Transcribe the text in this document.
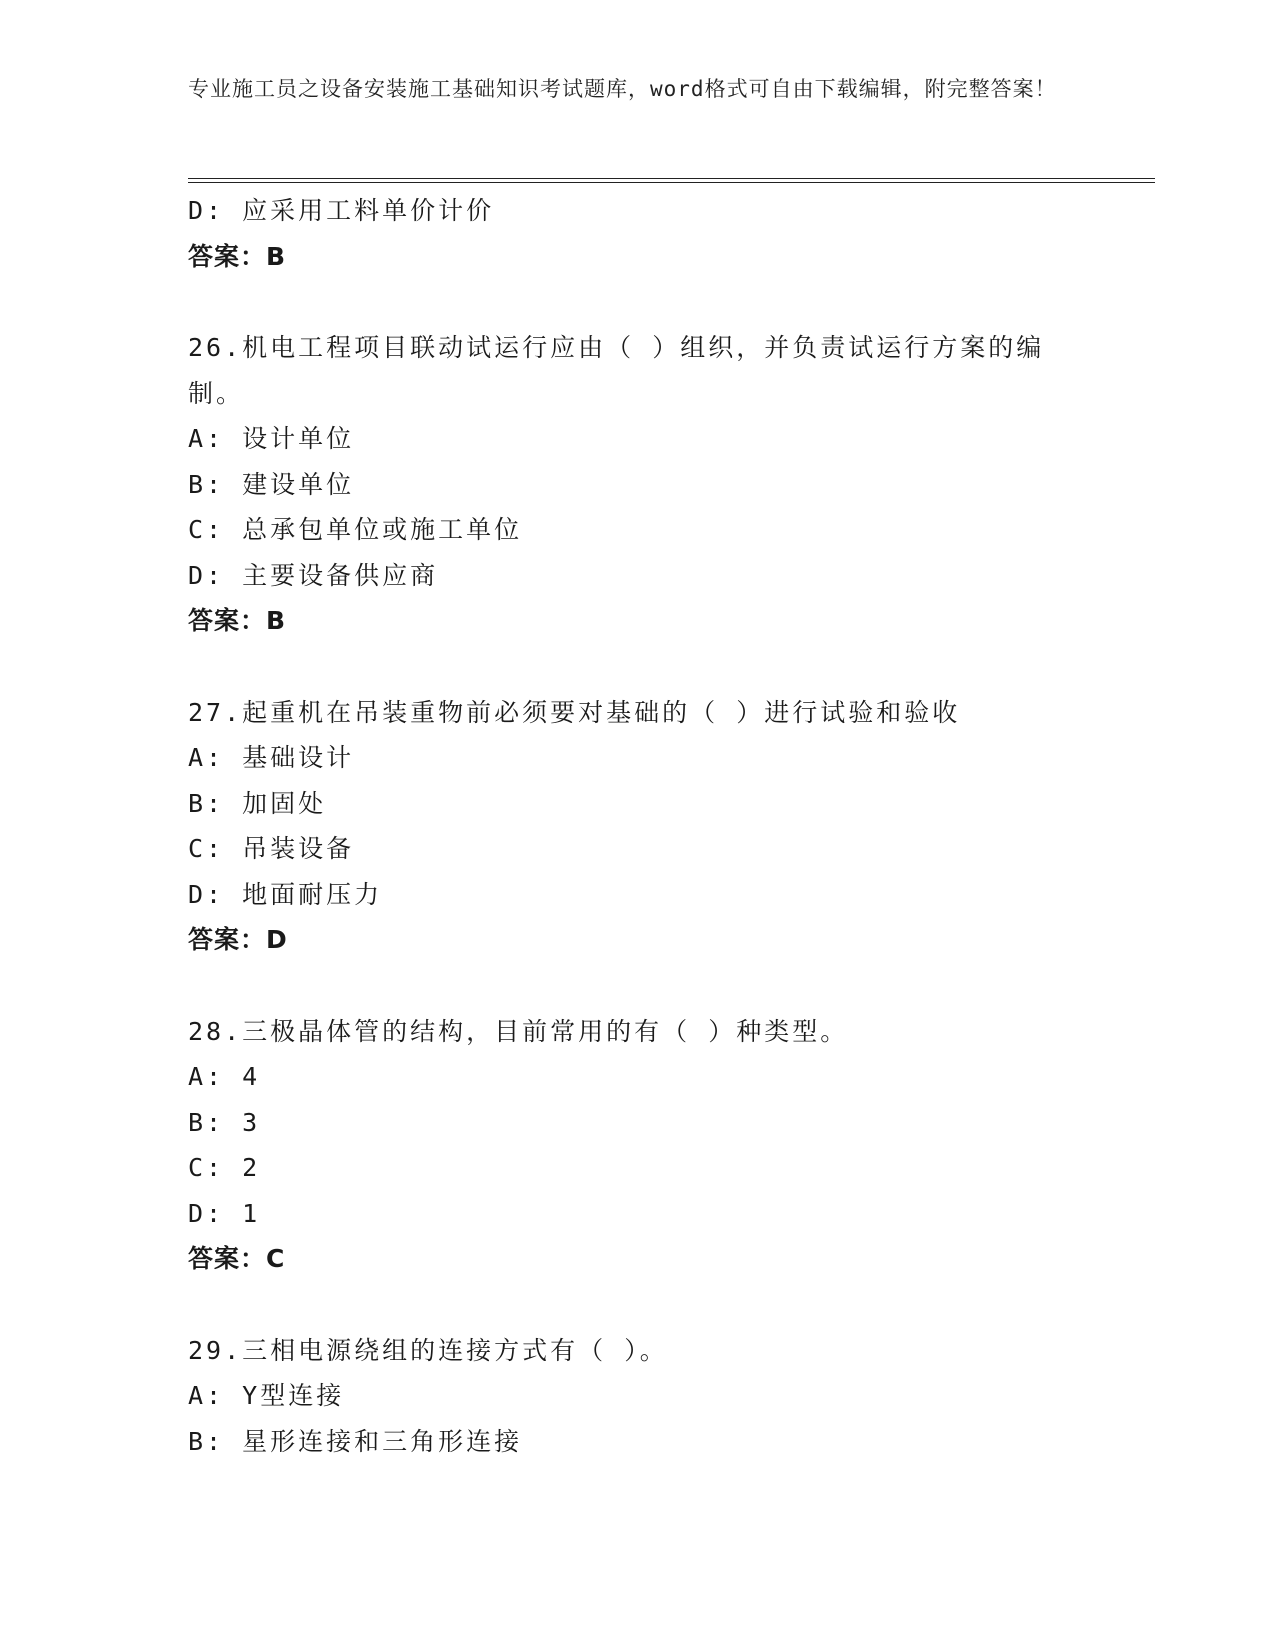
专业施工员之设备安装施工基础知识考试题库，word格式可自由下载编辑，附完整答案！
D: 应采用工料单价计价
答案：B
26.机电工程项目联动试运行应由（ ）组织，并负责试运行方案的编制。
A: 设计单位
B: 建设单位
C: 总承包单位或施工单位
D: 主要设备供应商
答案：B
27.起重机在吊装重物前必须要对基础的（ ）进行试验和验收
A: 基础设计
B: 加固处
C: 吊装设备
D: 地面耐压力
答案：D
28.三极晶体管的结构，目前常用的有（ ）种类型。
A: 4
B: 3
C: 2
D: 1
答案：C
29.三相电源绕组的连接方式有（ ）。
A: Y型连接
B: 星形连接和三角形连接
